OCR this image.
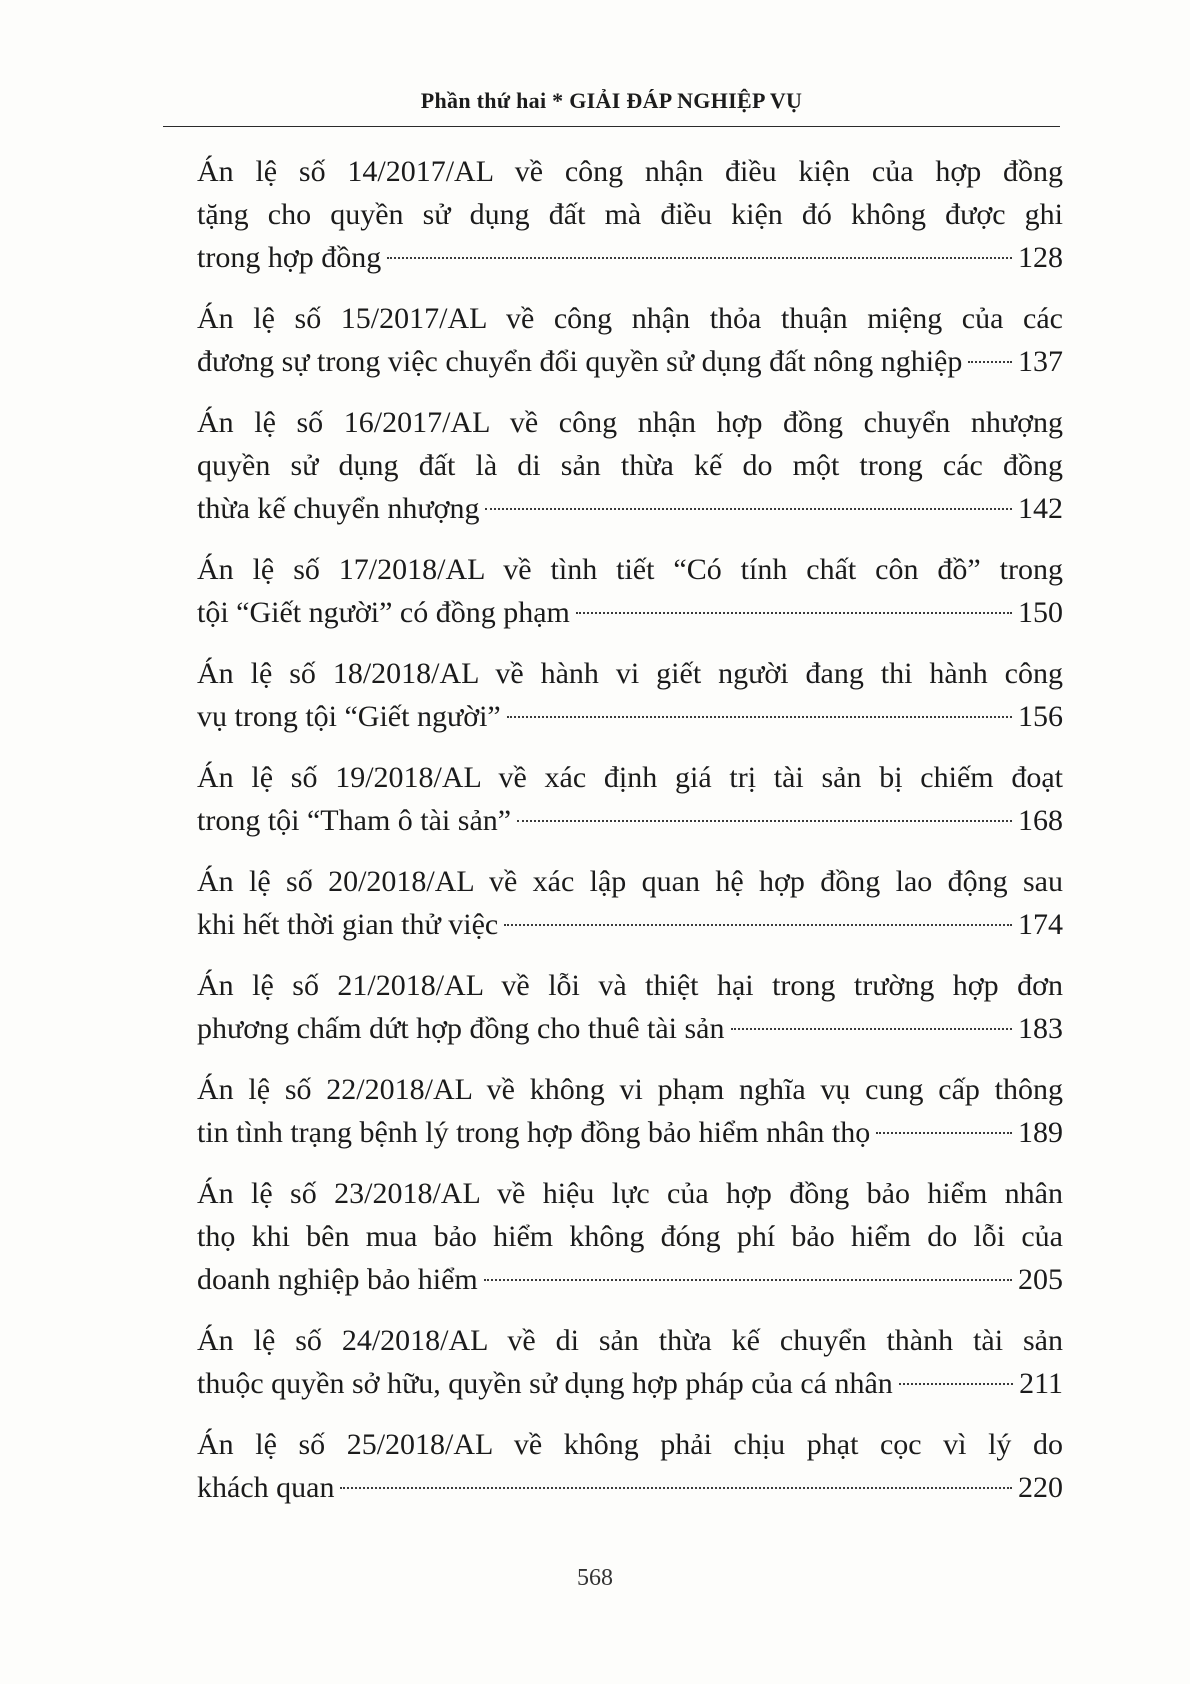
Phần thứ hai * GIẢI ĐÁP NGHIỆP VỤ
Án lệ số 14/2017/AL về công nhận điều kiện của hợp đồng
tặng cho quyền sử dụng đất mà điều kiện đó không được ghi
trong hợp đồng	128
Án lệ số 15/2017/AL về công nhận thỏa thuận miệng của các
đương sự trong việc chuyển đổi quyền sử dụng đất nông nghiệp 137
Án lệ số 16/2017/AL về công nhận hợp đồng chuyển nhượng
quyền sử dụng đất là di sản thừa kế do một trong các đồng
thừa kế chuyển nhượng	142
Án lệ số 17/2018/AL về tình tiết “Có tính chất côn đồ” trong
tội “Giết người” có đồng phạm	150
Án lệ số 18/2018/AL về hành vi giết người đang thi hành công
vụ trong tội “Giết người”	156
Án lệ số 19/2018/AL về xác định giá trị tài sản bị chiếm đoạt
trong tội “Tham ô tài sản”	168
Án lệ số 20/2018/AL về xác lập quan hệ hợp đồng lao động sau
khi hết thời gian thử việc	174
Án lệ số 21/2018/AL về lỗi và thiệt hại trong trường hợp đơn
phương chấm dứt hợp đồng cho thuê tài sản	183
Án lệ số 22/2018/AL về không vi phạm nghĩa vụ cung cấp thông
tin tình trạng bệnh lý trong hợp đồng bảo hiểm nhân thọ	189
Án lệ số 23/2018/AL về hiệu lực của hợp đồng bảo hiểm nhân
thọ khi bên mua bảo hiểm không đóng phí bảo hiểm do lỗi của
doanh nghiệp bảo hiểm	205
Án lệ số 24/2018/AL về di sản thừa kế chuyển thành tài sản
thuộc quyền sở hữu, quyền sử dụng hợp pháp của cá nhân	211
Án lệ số 25/2018/AL về không phải chịu phạt cọc vì lý do
khách quan	220
568
